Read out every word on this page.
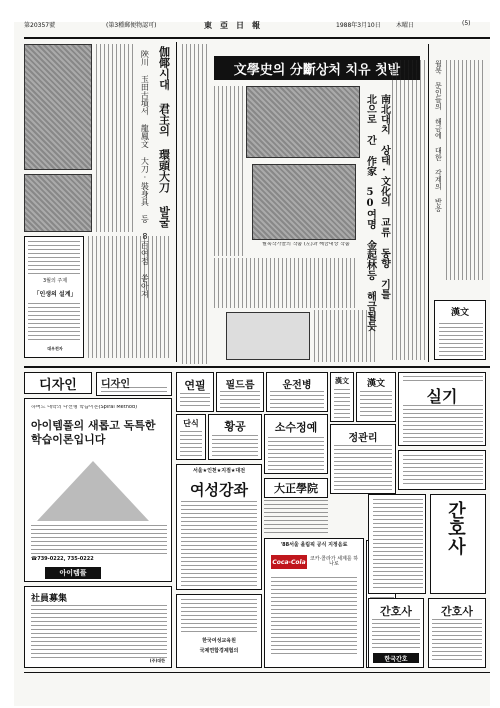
第20357號	(第3種郵便物認可)	東亞日報	1988年3月10日	木曜日	(5)
伽倻시대 君主의 環頭大刀 발굴
陜川 玉田古墳서 龍鳳文 大刀·裝身具 등 8百여점 쏟아져
3월의 주제
「인생의 설계」
대우전자
文學史의 分斷상처 치유 첫발
월북작가들의 작품 (左)과 해금대상 작품	南北대치 상태·文化의 교류 동향 기틀
北으로 간 作家 50여명 金起林등 해금될듯	월북 문인들의 해금에 대한 각계의 반응
漢文
디자인	디자인	연필	필드름	운전병	漢文	漢文
실기
하버드 대학의 나선형 학습이론(Spiral Method)
아이템풀의 새롭고 독특한 학습이론입니다
☎739-0222, 735-0222
아이템풀
단식	황공	소수정예
정관리
서울★인천★지점★대전
여성강좌	大正學院
'88서울 올림픽 공식 지정음료
Coca-Cola 코카·콜라가 세계를 하나로
한국여성교육원
국제연합경제협의
社員募集
(주)대한
간호사
간호사
한국간호
간호사
